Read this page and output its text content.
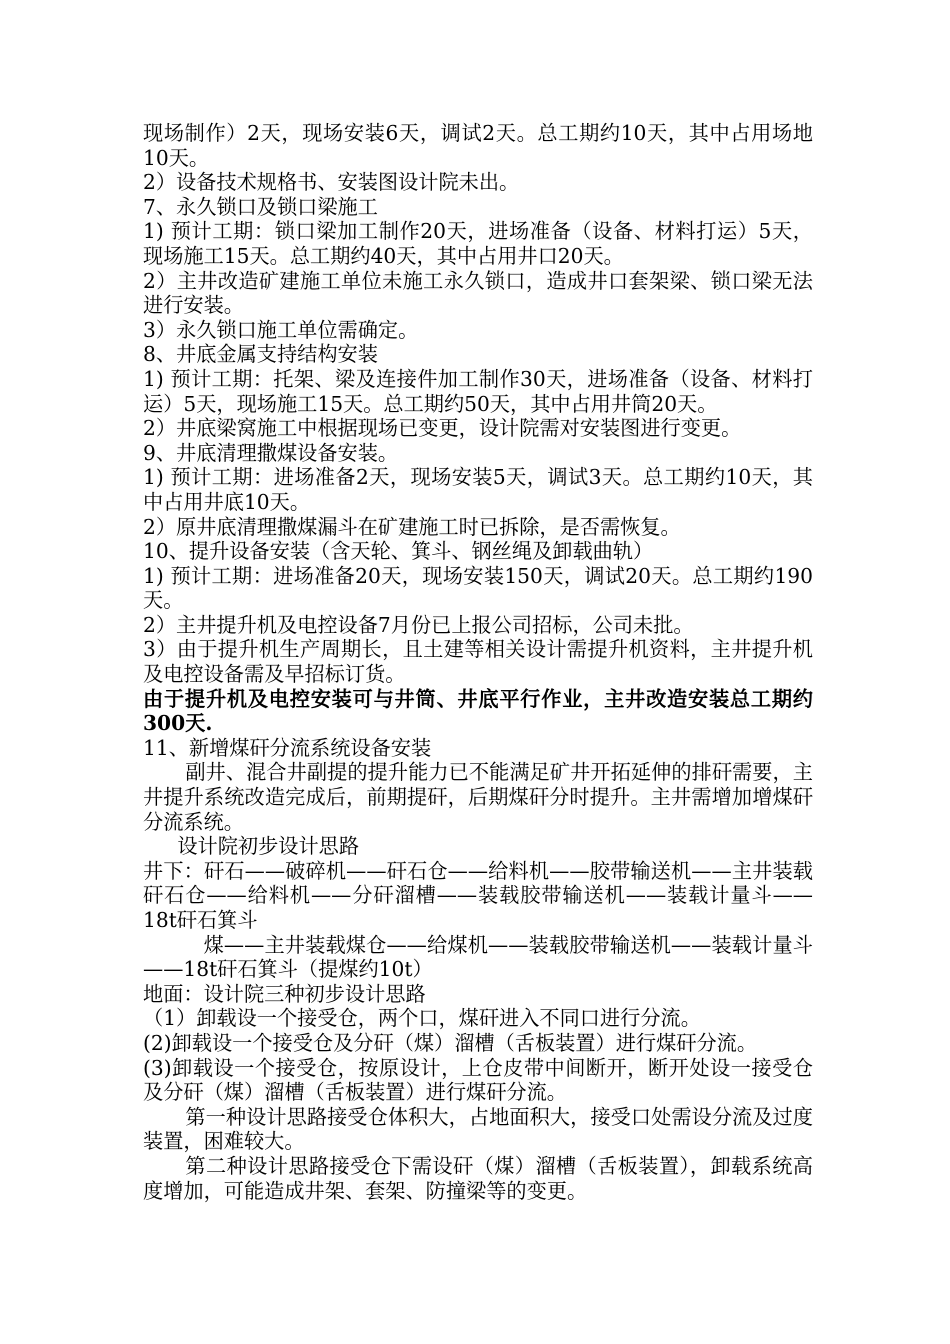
现场制作）2天，现场安装6天，调试2天。总工期约10天，其中占用场地10天。

2）设备技术规格书、安装图设计院未出。

7、永久锁口及锁口梁施工

1) 预计工期：锁口梁加工制作20天，进场准备（设备、材料打运）5天，现场施工15天。总工期约40天，其中占用井口20天。

2）主井改造矿建施工单位未施工永久锁口，造成井口套架梁、锁口梁无法进行安装。

3）永久锁口施工单位需确定。

8、井底金属支持结构安装

1) 预计工期：托架、梁及连接件加工制作30天，进场准备（设备、材料打运）5天，现场施工15天。总工期约50天，其中占用井筒20天。

2）井底梁窝施工中根据现场已变更，设计院需对安装图进行变更。

9、井底清理撒煤设备安装。

1) 预计工期：进场准备2天，现场安装5天，调试3天。总工期约10天，其中占用井底10天。

2）原井底清理撒煤漏斗在矿建施工时已拆除，是否需恢复。

10、提升设备安装（含天轮、箕斗、钢丝绳及卸载曲轨）

1) 预计工期：进场准备20天，现场安装150天，调试20天。总工期约190天。

2）主井提升机及电控设备7月份已上报公司招标，公司未批。

3）由于提升机生产周期长，且土建等相关设计需提升机资料，主井提升机及电控设备需及早招标订货。

由于提升机及电控安装可与井筒、井底平行作业，主井改造安装总工期约300天.

11、新增煤矸分流系统设备安装

副井、混合井副提的提升能力已不能满足矿井开拓延伸的排矸需要，主井提升系统改造完成后，前期提矸，后期煤矸分时提升。主井需增加增煤矸分流系统。

设计院初步设计思路

井下：矸石——破碎机——矸石仓——给料机——胶带输送机——主井装载矸石仓——给料机——分矸溜槽——装载胶带输送机——装载计量斗——18t矸石箕斗

煤——主井装载煤仓——给煤机——装载胶带输送机——装载计量斗——18t矸石箕斗（提煤约10t）

地面：设计院三种初步设计思路

（1）卸载设一个接受仓，两个口，煤矸进入不同口进行分流。

(2)卸载设一个接受仓及分矸（煤）溜槽（舌板装置）进行煤矸分流。

(3)卸载设一个接受仓，按原设计，上仓皮带中间断开，断开处设一接受仓及分矸（煤）溜槽（舌板装置）进行煤矸分流。

第一种设计思路接受仓体积大，占地面积大，接受口处需设分流及过度装置，困难较大。

第二种设计思路接受仓下需设矸（煤）溜槽（舌板装置），卸载系统高度增加，可能造成井架、套架、防撞梁等的变更。
